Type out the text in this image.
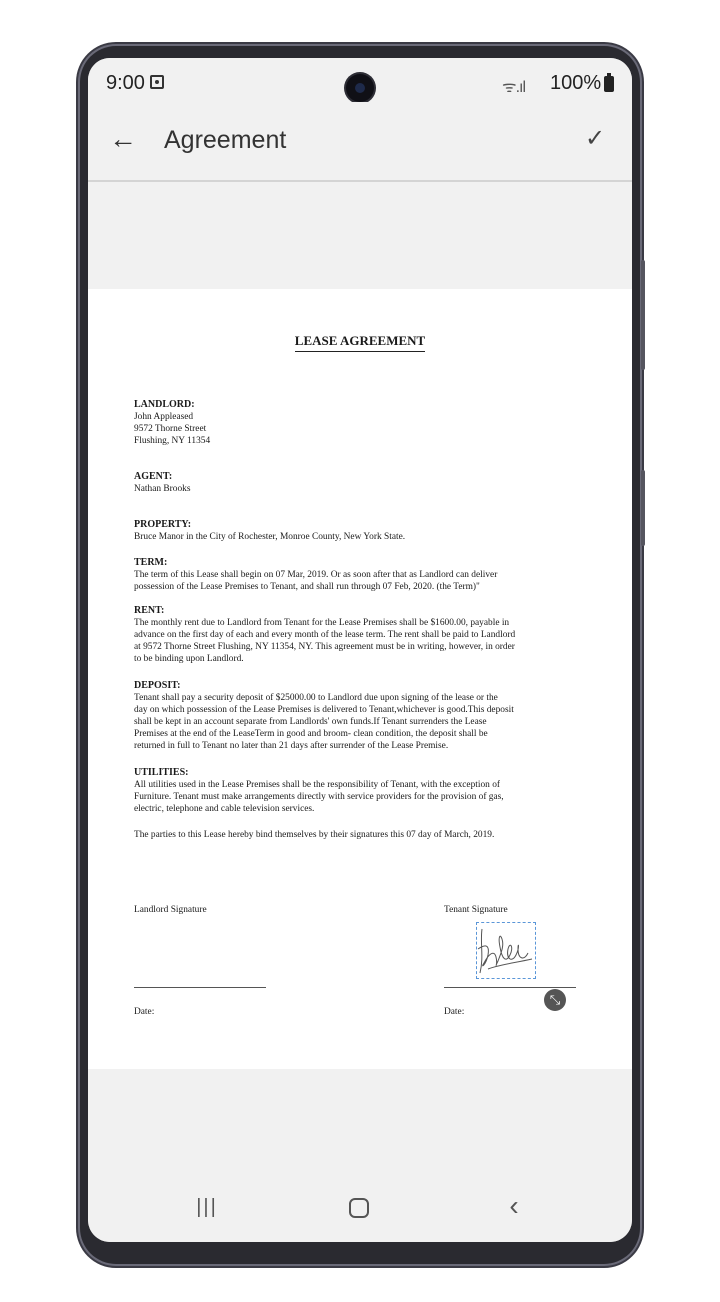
9:00	ᯤ.ıl 100%
← Agreement	✓
LEASE AGREEMENT
LANDLORD:
John Appleased
9572 Thorne Street
Flushing, NY 11354
AGENT:
Nathan Brooks
PROPERTY:
Bruce Manor in the City of Rochester, Monroe County, New York State.
TERM:
The term of this Lease shall begin on 07 Mar, 2019. Or as soon after that as Landlord can deliver
possession of the Lease Premises to Tenant, and shall run through 07 Feb, 2020. (the Term)"
RENT:
The monthly rent due to Landlord from Tenant for the Lease Premises shall be $1600.00, payable in
advance on the first day of each and every month of the lease term. The rent shall be paid to Landlord
at 9572 Thorne Street Flushing, NY 11354, NY. This agreement must be in writing, however, in order
to be binding upon Landlord.
DEPOSIT:
Tenant shall pay a security deposit of $25000.00 to Landlord due upon signing of the lease or the
day on which possession of the Lease Premises is delivered to Tenant,whichever is good.This deposit
shall be kept in an account separate from Landlords' own funds.If Tenant surrenders the Lease
Premises at the end of the LeaseTerm in good and broom- clean condition, the deposit shall be
returned in full to Tenant no later than 21 days after surrender of the Lease Premise.
UTILITIES:
All utilities used in the Lease Premises shall be the responsibility of Tenant, with the exception of
Furniture. Tenant must make arrangements directly with service providers for the provision of gas,
electric, telephone and cable television services.
The parties to this Lease hereby bind themselves by their signatures this 07 day of March, 2019.
Landlord Signature	Tenant Signature
⤡
Date:	Date:
|||	‹
